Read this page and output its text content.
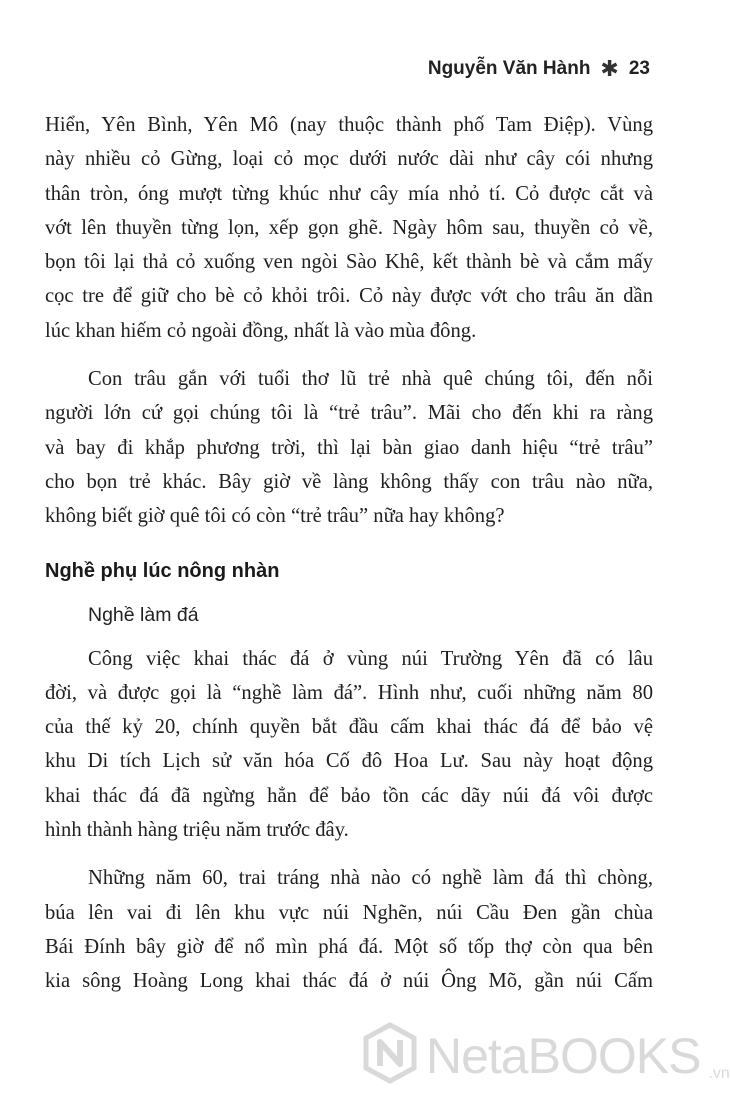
Nguyễn Văn Hành ✱ 23
Hiển, Yên Bình, Yên Mô (nay thuộc thành phố Tam Điệp). Vùng
này nhiều cỏ Gừng, loại cỏ mọc dưới nước dài như cây cói nhưng
thân tròn, óng mượt từng khúc như cây mía nhỏ tí. Cỏ được cắt và
vớt lên thuyền từng lọn, xếp gọn ghẽ. Ngày hôm sau, thuyền cỏ về,
bọn tôi lại thả cỏ xuống ven ngòi Sào Khê, kết thành bè và cắm mấy
cọc tre để giữ cho bè cỏ khỏi trôi. Cỏ này được vớt cho trâu ăn dần
lúc khan hiếm cỏ ngoài đồng, nhất là vào mùa đông.
Con trâu gắn với tuổi thơ lũ trẻ nhà quê chúng tôi, đến nỗi
người lớn cứ gọi chúng tôi là “trẻ trâu”. Mãi cho đến khi ra ràng
và bay đi khắp phương trời, thì lại bàn giao danh hiệu “trẻ trâu”
cho bọn trẻ khác. Bây giờ về làng không thấy con trâu nào nữa,
không biết giờ quê tôi có còn “trẻ trâu” nữa hay không?
Nghề phụ lúc nông nhàn
Nghề làm đá
Công việc khai thác đá ở vùng núi Trường Yên đã có lâu
đời, và được gọi là “nghề làm đá”. Hình như, cuối những năm 80
của thế kỷ 20, chính quyền bắt đầu cấm khai thác đá để bảo vệ
khu Di tích Lịch sử văn hóa Cố đô Hoa Lư. Sau này hoạt động
khai thác đá đã ngừng hẳn để bảo tồn các dãy núi đá vôi được
hình thành hàng triệu năm trước đây.
Những năm 60, trai tráng nhà nào có nghề làm đá thì chòng,
búa lên vai đi lên khu vực núi Nghẽn, núi Cầu Đen gần chùa
Bái Đính bây giờ để nổ mìn phá đá. Một số tốp thợ còn qua bên
kia sông Hoàng Long khai thác đá ở núi Ông Mõ, gần núi Cấm
NetaBOOKS .vn
